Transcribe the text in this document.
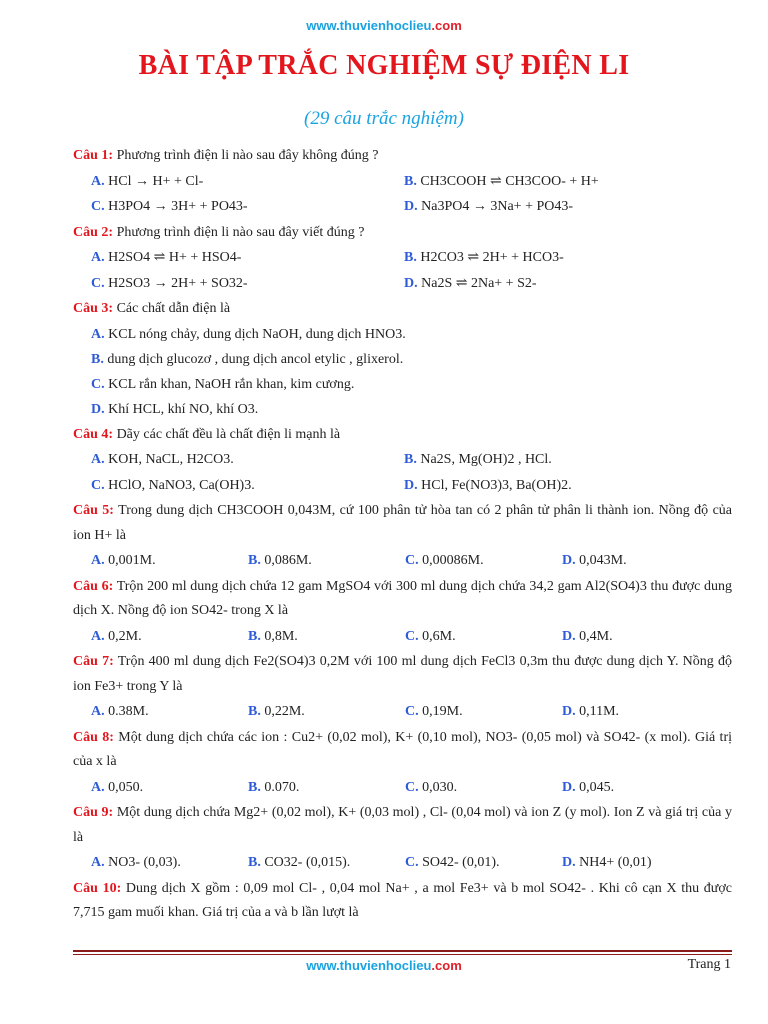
www.thuvienhoclieu.com
BÀI TẬP TRẮC NGHIỆM SỰ ĐIỆN LI
(29 câu trắc nghiệm)
Câu 1: Phương trình điện li nào sau đây không đúng ?
A. HCl → H+ + Cl-	B. CH3COOH ⇌ CH3COO- + H+
C. H3PO4 → 3H+ + PO43-	D. Na3PO4 → 3Na+ + PO43-
Câu 2: Phương trình điện li nào sau đây viết đúng ?
A. H2SO4 ⇌ H+ + HSO4-	B. H2CO3 ⇌ 2H+ + HCO3-
C. H2SO3 → 2H+ + SO32-	D. Na2S ⇌ 2Na+ + S2-
Câu 3: Các chất dẫn điện là
A. KCL nóng chảy, dung dịch NaOH, dung dịch HNO3.
B. dung dịch glucozơ , dung dịch ancol etylic , glixerol.
C. KCL rắn khan, NaOH rắn khan, kim cương.
D. Khí HCL, khí NO, khí O3.
Câu 4: Dãy các chất đều là chất điện li mạnh là
A. KOH, NaCL, H2CO3.	B. Na2S, Mg(OH)2 , HCl.
C. HClO, NaNO3, Ca(OH)3.	D. HCl, Fe(NO3)3, Ba(OH)2.
Câu 5: Trong dung dịch CH3COOH 0,043M, cứ 100 phân tử hòa tan có 2 phân tử phân li thành ion. Nồng độ của ion H+ là
A. 0,001M.	B. 0,086M.	C. 0,00086M.	D. 0,043M.
Câu 6: Trộn 200 ml dung dịch chứa 12 gam MgSO4 với 300 ml dung dịch chứa 34,2 gam Al2(SO4)3 thu được dung dịch X. Nồng độ ion SO42- trong X là
A. 0,2M.	B. 0,8M.	C. 0,6M.	D. 0,4M.
Câu 7: Trộn 400 ml dung dịch Fe2(SO4)3 0,2M với 100 ml dung dịch FeCl3 0,3m thu được dung dịch Y. Nồng độ ion Fe3+ trong Y là
A. 0.38M.	B. 0,22M.	C. 0,19M.	D. 0,11M.
Câu 8: Một dung dịch chứa các ion : Cu2+ (0,02 mol), K+ (0,10 mol), NO3- (0,05 mol) và SO42- (x mol). Giá trị của x là
A. 0,050.	B. 0.070.	C. 0,030.	D. 0,045.
Câu 9: Một dung dịch chứa Mg2+ (0,02 mol), K+ (0,03 mol) , Cl- (0,04 mol) và ion Z (y mol). Ion Z và giá trị của y là
A. NO3- (0,03).	B. CO32- (0,015).	C. SO42- (0,01).	D. NH4+ (0,01)
Câu 10: Dung dịch X gồm : 0,09 mol Cl- , 0,04 mol Na+ , a mol Fe3+ và b mol SO42- . Khi cô cạn X thu được 7,715 gam muối khan. Giá trị của a và b lần lượt là
www.thuvienhoclieu.com	Trang 1
